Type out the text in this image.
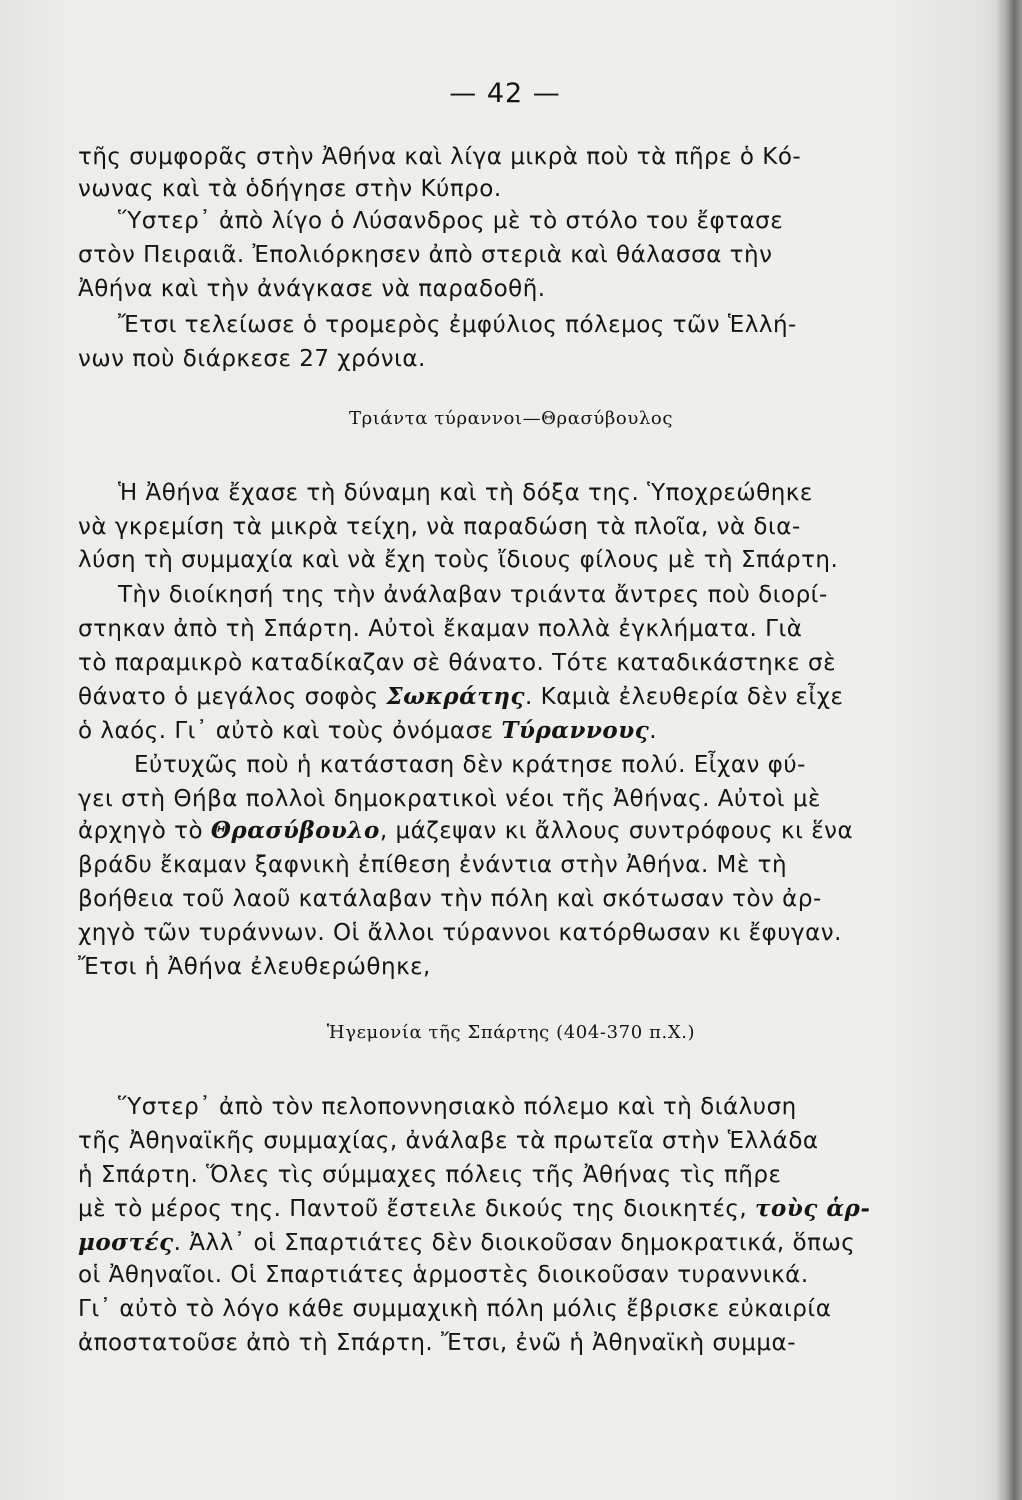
— 42 —
τῆς συμφορᾶς στὴν Ἀθήνα καὶ λίγα μικρὰ ποὺ τὰ πῆρε ὁ Κό-
νωνας καὶ τὰ ὁδήγησε στὴν Κύπρο.
Ὕστερ᾽ ἀπὸ λίγο ὁ Λύσανδρος μὲ τὸ στόλο του ἔφτασε
στὸν Πειραιᾶ. Ἐπολιόρκησεν ἀπὸ στεριὰ καὶ θάλασσα τὴν
Ἀθήνα καὶ τὴν ἀνάγκασε νὰ παραδοθῆ.
Ἔτσι τελείωσε ὁ τρομερὸς ἐμφύλιος πόλεμος τῶν Ἑλλή-
νων ποὺ διάρκεσε 27 χρόνια.
Τριάντα τύραννοι—Θρασύβουλος
Ἡ Ἀθήνα ἔχασε τὴ δύναμη καὶ τὴ δόξα της. Ὑποχρεώθηκε
νὰ γκρεμίση τὰ μικρὰ τείχη, νὰ παραδώση τὰ πλοῖα, νὰ δια-
λύση τὴ συμμαχία καὶ νὰ ἔχη τοὺς ἴδιους φίλους μὲ τὴ Σπάρτη.
Τὴν διοίκησή της τὴν ἀνάλαβαν τριάντα ἄντρες ποὺ διορί-
στηκαν ἀπὸ τὴ Σπάρτη. Αὐτοὶ ἔκαμαν πολλὰ ἐγκλήματα. Γιὰ
τὸ παραμικρὸ καταδίκαζαν σὲ θάνατο. Τότε καταδικάστηκε σὲ
θάνατο ὁ μεγάλος σοφὸς Σωκράτης. Καμιὰ ἐλευθερία δὲν εἶχε
ὁ λαός. Γι᾽ αὐτὸ καὶ τοὺς ὀνόμασε Τύραννους.
Εὐτυχῶς ποὺ ἡ κατάσταση δὲν κράτησε πολύ. Εἶχαν φύ-
γει στὴ Θήβα πολλοὶ δημοκρατικοὶ νέοι τῆς Ἀθήνας. Αὐτοὶ μὲ
ἀρχηγὸ τὸ Θρασύβουλο, μάζεψαν κι ἄλλους συντρόφους κι ἕνα
βράδυ ἔκαμαν ξαφνικὴ ἐπίθεση ἐνάντια στὴν Ἀθήνα. Μὲ τὴ
βοήθεια τοῦ λαοῦ κατάλαβαν τὴν πόλη καὶ σκότωσαν τὸν ἀρ-
χηγὸ τῶν τυράννων. Οἱ ἄλλοι τύραννοι κατόρθωσαν κι ἔφυγαν.
Ἔτσι ἡ Ἀθήνα ἐλευθερώθηκε,
Ἡγεμονία τῆς Σπάρτης (404-370 π.Χ.)
Ὕστερ᾽ ἀπὸ τὸν πελοποννησιακὸ πόλεμο καὶ τὴ διάλυση
τῆς Ἀθηναϊκῆς συμμαχίας, ἀνάλαβε τὰ πρωτεῖα στὴν Ἑλλάδα
ἡ Σπάρτη. Ὅλες τὶς σύμμαχες πόλεις τῆς Ἀθήνας τὶς πῆρε
μὲ τὸ μέρος της. Παντοῦ ἔστειλε δικούς της διοικητές, τοὺς ἁρ-
μοστές. Ἀλλ᾽ οἱ Σπαρτιάτες δὲν διοικοῦσαν δημοκρατικά, ὅπως
οἱ Ἀθηναῖοι. Οἱ Σπαρτιάτες ἁρμοστὲς διοικοῦσαν τυραννικά.
Γι᾽ αὐτὸ τὸ λόγο κάθε συμμαχικὴ πόλη μόλις ἔβρισκε εὐκαιρία
ἀποστατοῦσε ἀπὸ τὴ Σπάρτη. Ἔτσι, ἐνῶ ἡ Ἀθηναϊκὴ συμμα-
